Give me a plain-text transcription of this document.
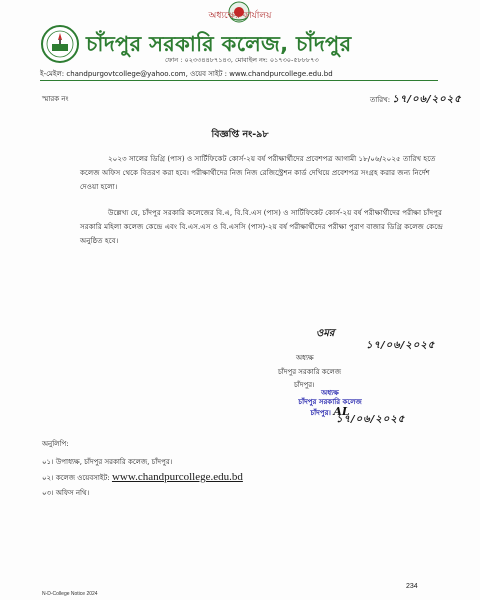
অধ্যক্ষের কার্যালয়
চাঁদপুর সরকারি কলেজ, চাঁদপুর
ফোন : ০২৩৩৪৪৮৭১৪৩, মোবাইল নং: ০১৭৩০-৫৮৮৮৭৩
ই-মেইল: chandpurgovtcollege@yahoo.com, ওয়েব সাইট : www.chandpurcollege.edu.bd
স্মারক নং	তারিখ: ১৭/০৬/২০২৫
বিজ্ঞপ্তি নং-৯৮
২০২৩ সালের ডিগ্রি (পাস) ও সার্টিফিকেট কোর্স-২য় বর্ষ পরীক্ষার্থীদের প্রবেশপত্র আগামী ১৮/০৬/২০২৫ তারিখ হতে কলেজ অফিস থেকে বিতরণ করা হবে। পরীক্ষার্থীদের নিজ নিজ রেজিস্ট্রেশন কার্ড দেখিয়ে প্রবেশপত্র সংগ্রহ করার জন্য নির্দেশ দেওয়া হলো।
উল্লেখ্য যে, চাঁদপুর সরকারি কলেজের বি.এ, বি.বি.এস (পাস) ও সার্টিফিকেট কোর্স-২য় বর্ষ পরীক্ষার্থীদের পরীক্ষা চাঁদপুর সরকারি মহিলা কলেজ কেন্দ্রে এবং বি.এস.এস ও বি.এসসি (পাস)-২য় বর্ষ পরীক্ষার্থীদের পরীক্ষা পুরাণ বাজার ডিগ্রি কলেজ কেন্দ্রে অনুষ্ঠিত হবে।
ওমর
১৭/০৬/২০২৫
অধ্যক্ষ
চাঁদপুর সরকারি কলেজ
চাঁদপুর।
অধ্যক্ষ
চাঁদপুর সরকারি কলেজ
চাঁদপুর। AL
১৭/০৬/২০২৫
অনুলিপি:
০১। উপাধ্যক্ষ, চাঁদপুর সরকারি কলেজ, চাঁদপুর।
০২। কলেজ ওয়েবসাইট: www.chandpurcollege.edu.bd
০৩। অফিস নথি।
234
N-D-College Notice 2024
